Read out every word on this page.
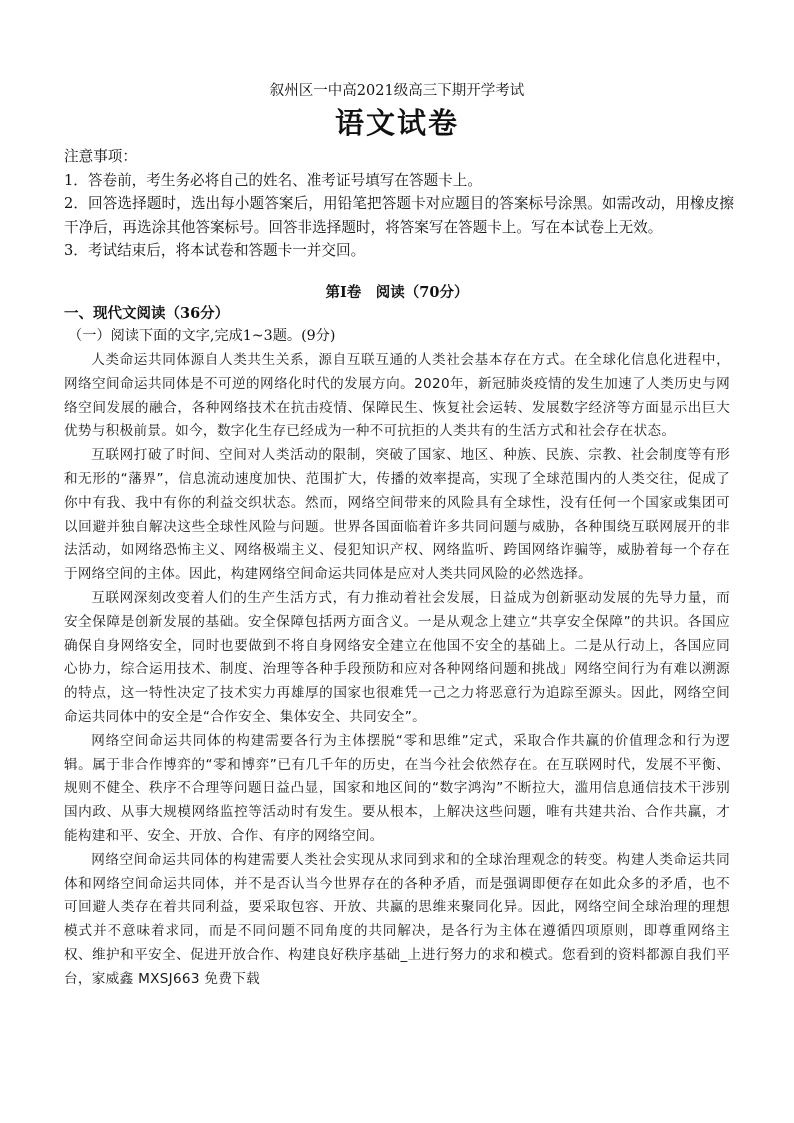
叙州区一中高2021级高三下期开学考试
语文试卷

注意事项：

1．答卷前，考生务必将自己的姓名、准考证号填写在答题卡上。

2．回答选择题时，选出每小题答案后，用铅笔把答题卡对应题目的答案标号涂黑。如需改动，用橡皮擦干净后，再选涂其他答案标号。回答非选择题时，将答案写在答题卡上。写在本试卷上无效。

3．考试结束后，将本试卷和答题卡一并交回。

第Ⅰ卷　阅读（70分）
一、现代文阅读（36分）
（一）阅读下面的文字,完成1~3题。(9分)

人类命运共同体源自人类共生关系，源自互联互通的人类社会基本存在方式。在全球化信息化进程中，网络空间命运共同体是不可逆的网络化时代的发展方向。2020年，新冠肺炎疫情的发生加速了人类历史与网络空间发展的融合，各种网络技术在抗击疫情、保障民生、恢复社会运转、发展数字经济等方面显示出巨大优势与积极前景。如今，数字化生存已经成为一种不可抗拒的人类共有的生活方式和社会存在状态。

互联网打破了时间、空间对人类活动的限制，突破了国家、地区、种族、民族、宗教、社会制度等有形和无形的“藩界”，信息流动速度加快、范围扩大，传播的效率提高，实现了全球范围内的人类交往，促成了你中有我、我中有你的利益交织状态。然而，网络空间带来的风险具有全球性，没有任何一个国家或集团可以回避并独自解决这些全球性风险与问题。世界各国面临着许多共同问题与威胁，各种围绕互联网展开的非法活动，如网络恐怖主义、网络极端主义、侵犯知识产权、网络监听、跨国网络诈骗等，威胁着每一个存在于网络空间的主体。因此，构建网络空间命运共同体是应对人类共同风险的必然选择。

互联网深刻改变着人们的生产生活方式，有力推动着社会发展，日益成为创新驱动发展的先导力量，而安全保障是创新发展的基础。安全保障包括两方面含义。一是从观念上建立“共享安全保障”的共识。各国应确保自身网络安全，同时也要做到不将自身网络安全建立在他国不安全的基础上。二是从行动上，各国应同心协力，综合运用技术、制度、治理等各种手段预防和应对各种网络问题和挑战」网络空间行为有难以溯源的特点，这一特性决定了技术实力再雄厚的国家也很难凭一己之力将恶意行为追踪至源头。因此，网络空间命运共同体中的安全是“合作安全、集体安全、共同安全”。

网络空间命运共同体的构建需要各行为主体摆脱“零和思维”定式，采取合作共赢的价值理念和行为逻辑。属于非合作博弈的“零和博弈”已有几千年的历史，在当今社会依然存在。在互联网时代，发展不平衡、规则不健全、秩序不合理等问题日益凸显，国家和地区间的“数字鸿沟”不断拉大，滥用信息通信技术干涉别国内政、从事大规模网络监控等活动时有发生。要从根本，上解决这些问题，唯有共建共治、合作共赢，才能构建和平、安全、开放、合作、有序的网络空间。

网络空间命运共同体的构建需要人类社会实现从求同到求和的全球治理观念的转变。构建人类命运共同体和网络空间命运共同体，并不是否认当今世界存在的各种矛盾，而是强调即便存在如此众多的矛盾，也不可回避人类存在着共同利益，要采取包容、开放、共赢的思维来聚同化异。因此，网络空间全球治理的理想模式并不意味着求同，而是不同问题不同角度的共同解决，是各行为主体在遵循四项原则，即尊重网络主权、维护和平安全、促进开放合作、构建良好秩序基础_上进行努力的求和模式。您看到的资料都源自我们平台，家威鑫 MXSJ663 免费下载
